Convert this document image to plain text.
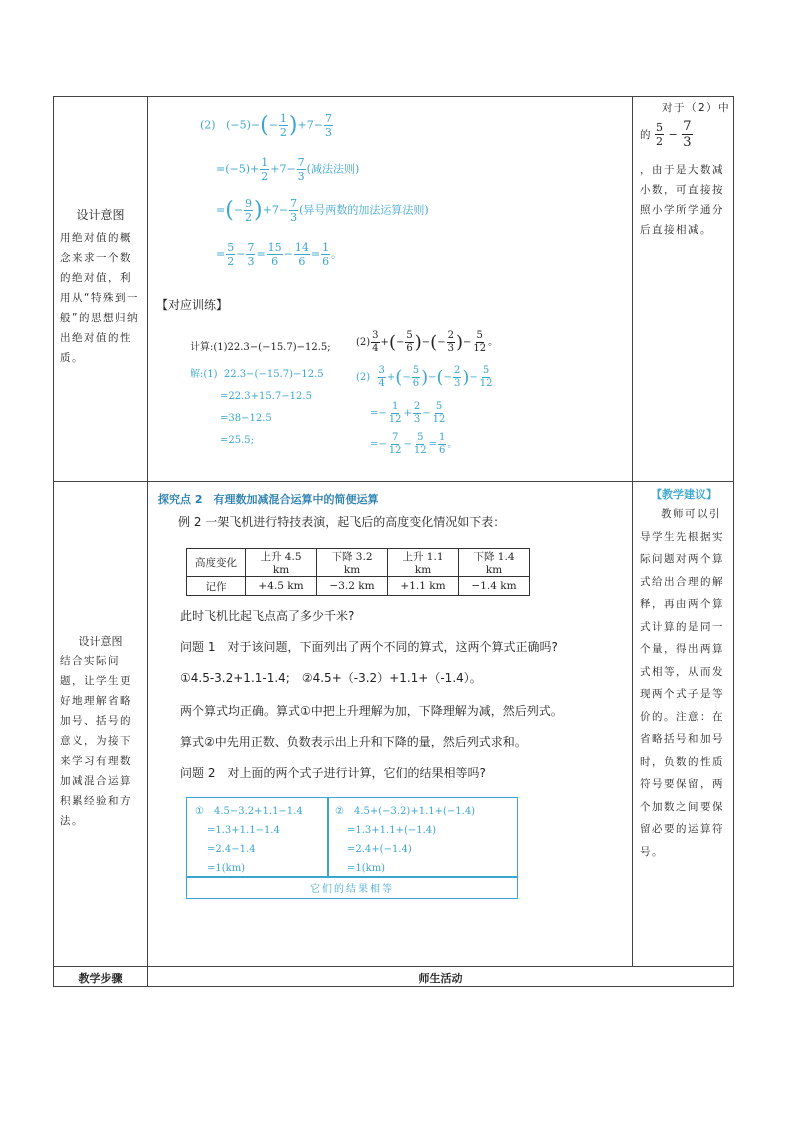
设计意图
用绝对值的概念来求一个数的绝对值，利用从“特殊到一般”的思想归纳出绝对值的性质。
设计意图
结合实际问题，让学生更好地理解省略加号、括号的意义，为接下来学习有理数加减混合运算积累经验和方法。
对于（2）中
的 $\frac{5}{2} - \frac{7}{3}$
，由于是大数减小数，可直接按照小学所学通分后直接相减。
【教学建议】
教师可以引导学生先根据实际问题对两个算式给出合理的解释，再由两个算式计算的是同一个量，得出两算式相等，从而发现两个式子是等价的。注意：在省略括号和加号时，负数的性质符号要保留，两个加数之间要保留必要的运算符号。
(2)   $(-5)-(- \frac{1}{2} )+7- \frac{7}{3}$
$=(-5)+ \frac{1}{2} +7- \frac{7}{3}$ (减法法则)
=(− $\frac{9}{2} )+7- \frac{7}{3}$ (异号两数的加法运算法则)
= $\frac{5}{2} - \frac{7}{3} = \frac{15}{6} - \frac{14}{6} = \frac{1}{6}$ 。
【对应训练】
计算:(1)22.3−(−15.7)−12.5;	$(2) \frac{3}{4}$ +(− $\frac{5}{6}$ )−(− $\frac{2}{3}$ )− $\frac{5}{12}$ 。
解:(1) 22.3−(−15.7)−12.5
=22.3+15.7−12.5
=38−12.5
=25.5;
$(2) \frac{3}{4}$ +(− $\frac{5}{6}$ )−(− $\frac{2}{3}$ )− $\frac{5}{12}$
=− $\frac{1}{12} + \frac{2}{3} - \frac{5}{12}$
=− $\frac{7}{12} - \frac{5}{12} = \frac{1}{6}$ 。
探究点 2　有理数加减混合运算中的简便运算
例 2 一架飞机进行特技表演，起飞后的高度变化情况如下表：
高度变化	上升 4.5 km	下降 3.2 km	上升 1.1 km	下降 1.4 km
记作	+4.5 km	−3.2 km	+1.1 km	−1.4 km
此时飞机比起飞点高了多少千米?
问题 1　对于该问题，下面列出了两个不同的算式，这两个算式正确吗?
①4.5-3.2+1.1-1.4;　②4.5+（-3.2）+1.1+（-1.4）。
两个算式均正确。算式①中把上升理解为加，下降理解为减，然后列式。
算式②中先用正数、负数表示出上升和下降的量，然后列式求和。
问题 2　对上面的两个式子进行计算，它们的结果相等吗?
①　4.5−3.2+1.1−1.4
=1.3+1.1−1.4
=2.4−1.4
=1(km)
②　4.5+(−3.2)+1.1+(−1.4)
=1.3+1.1+(−1.4)
=2.4+(−1.4)
=1(km)
它们的结果相等
教学步骤	师生活动
